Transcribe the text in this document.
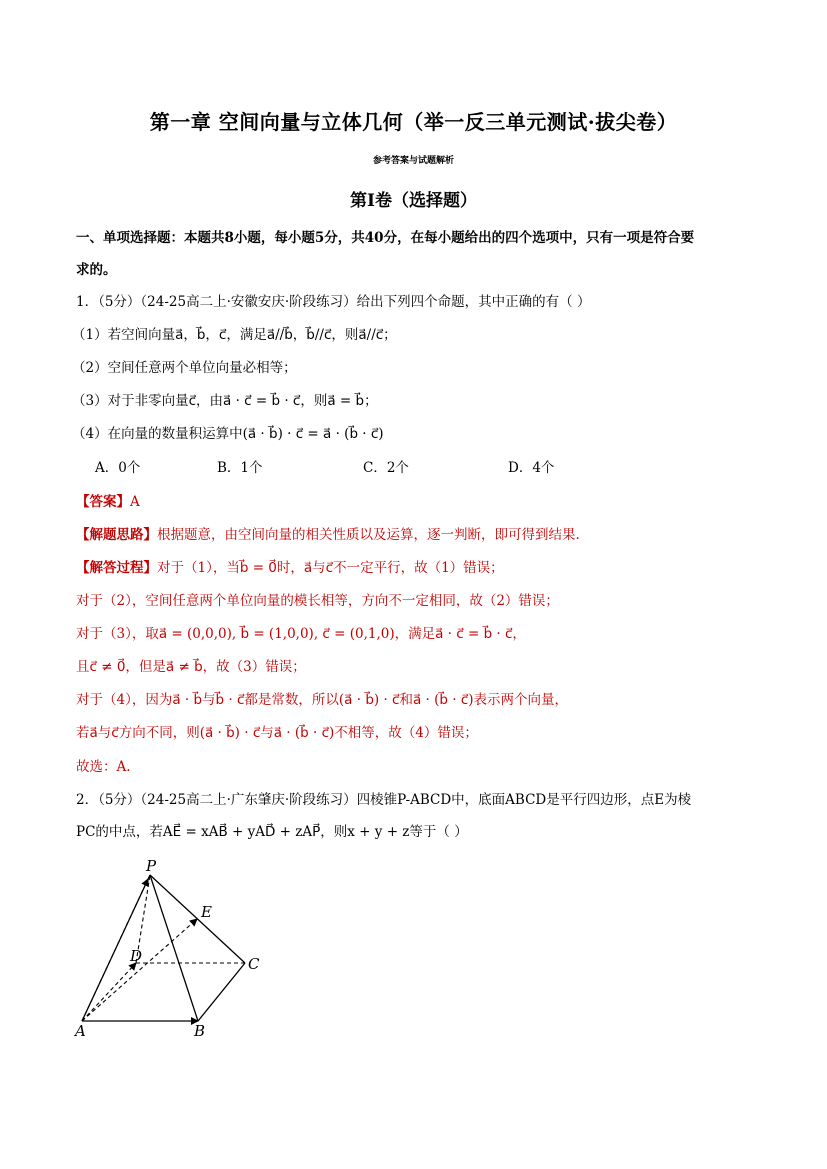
第一章 空间向量与立体几何（举一反三单元测试·拔尖卷）
参考答案与试题解析
第Ⅰ卷（选择题）
一、单项选择题：本题共8小题，每小题5分，共40分，在每小题给出的四个选项中，只有一项是符合要
求的。
1．（5分）（24-25高二上·安徽安庆·阶段练习）给出下列四个命题，其中正确的有（ ）
（1）若空间向量a⃗，b⃗，c⃗，满足a⃗//b⃗，b⃗//c⃗，则a⃗//c⃗；
（2）空间任意两个单位向量必相等；
（3）对于非零向量c⃗，由a⃗ · c⃗ = b⃗ · c⃗，则a⃗ = b⃗；
（4）在向量的数量积运算中(a⃗ · b⃗) · c⃗ = a⃗ · (b⃗ · c⃗)
A．0个	B．1个	C．2个	D．4个
【答案】A
【解题思路】根据题意，由空间向量的相关性质以及运算，逐一判断，即可得到结果.
【解答过程】对于（1），当b⃗ = 0⃗时，a⃗与c⃗不一定平行，故（1）错误；
对于（2），空间任意两个单位向量的模长相等，方向不一定相同，故（2）错误；
对于（3），取a⃗ = (0,0,0), b⃗ = (1,0,0), c⃗ = (0,1,0)，满足a⃗ · c⃗ = b⃗ · c⃗，
且c⃗ ≠ 0⃗，但是a⃗ ≠ b⃗，故（3）错误；
对于（4），因为a⃗ · b⃗与b⃗ · c⃗都是常数，所以(a⃗ · b⃗) · c⃗和a⃗ · (b⃗ · c⃗)表示两个向量，
若a⃗与c⃗方向不同，则(a⃗ · b⃗) · c⃗与a⃗ · (b⃗ · c⃗)不相等，故（4）错误；
故选：A.
2．（5分）（24-25高二上·广东肇庆·阶段练习）四棱锥P-ABCD中，底面ABCD是平行四边形，点E为棱
PC的中点，若AE⃗ = xAB⃗ + yAD⃗ + zAP⃗，则x + y + z等于（ ）
P
E
D	C
A	B
